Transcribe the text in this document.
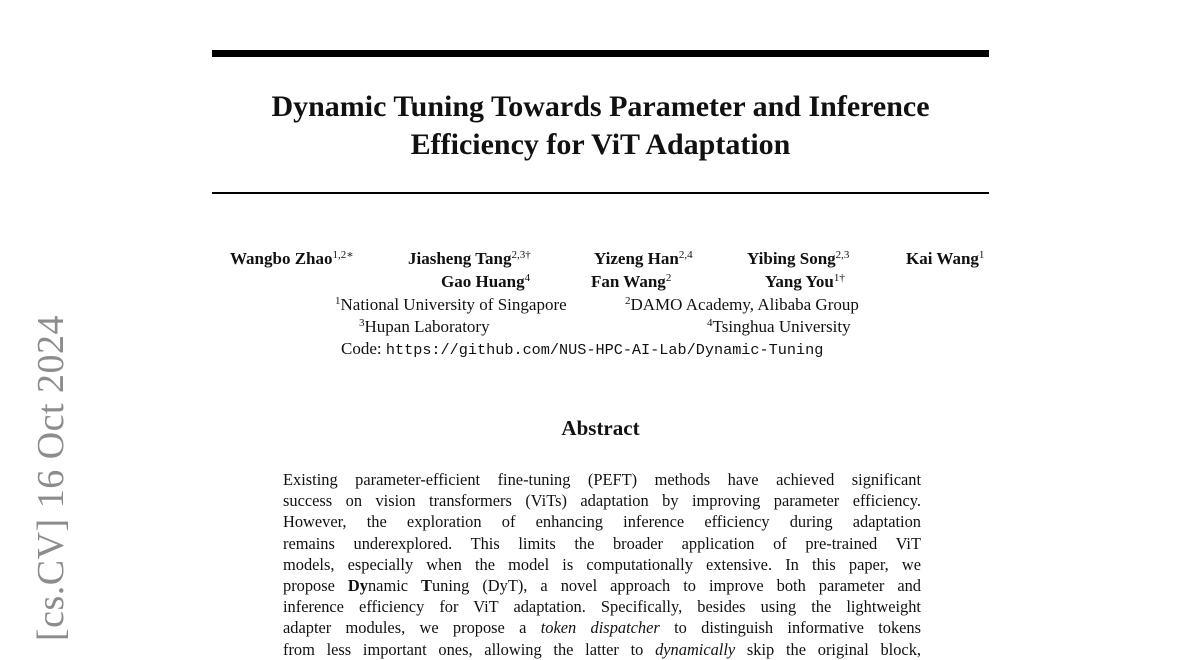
[cs.CV] 16 Oct 2024
Dynamic Tuning Towards Parameter and Inference
Efficiency for ViT Adaptation
Wangbo Zhao$^{1,2∗}$	Jiasheng Tang$^{2,3\dagger}$	Yizeng Han$^{2,4}$	Yibing Song$^{2,3}$	Kai Wang$^1$
Gao Huang$^4$	Fan Wang$^2$	Yang You$^{1\dagger}$
$^1$National University of Singapore	$^2$DAMO Academy, Alibaba Group
$^3$Hupan Laboratory	$^4$Tsinghua University
Code: https://github.com/NUS-HPC-AI-Lab/Dynamic-Tuning
Abstract
Existing parameter-efficient fine-tuning (PEFT) methods have achieved significant
success on vision transformers (ViTs) adaptation by improving parameter efficiency.
However, the exploration of enhancing inference efficiency during adaptation
remains underexplored. This limits the broader application of pre-trained ViT
models, especially when the model is computationally extensive. In this paper, we
propose Dynamic Tuning (DyT), a novel approach to improve both parameter and
inference efficiency for ViT adaptation. Specifically, besides using the lightweight
adapter modules, we propose a token dispatcher to distinguish informative tokens
from less important ones, allowing the latter to dynamically skip the original block,
